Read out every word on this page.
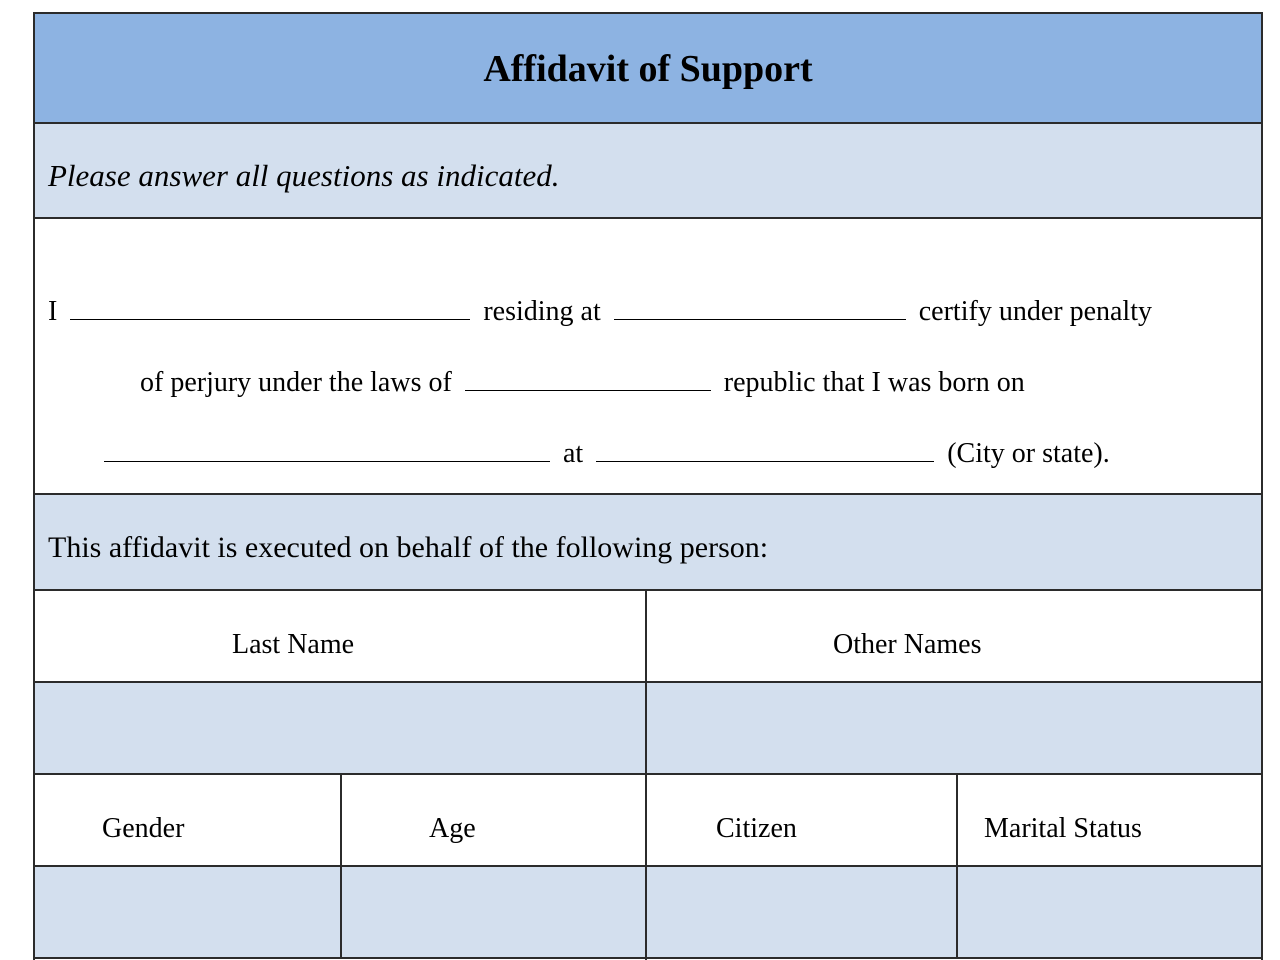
Affidavit of Support
Please answer all questions as indicated.
I	residing at	certify under penalty
of perjury under the laws of	republic that I was born on
at	(City or state).
This affidavit is executed on behalf of the following person:
Last Name	Other Names
Gender	Age	Citizen	Marital Status
